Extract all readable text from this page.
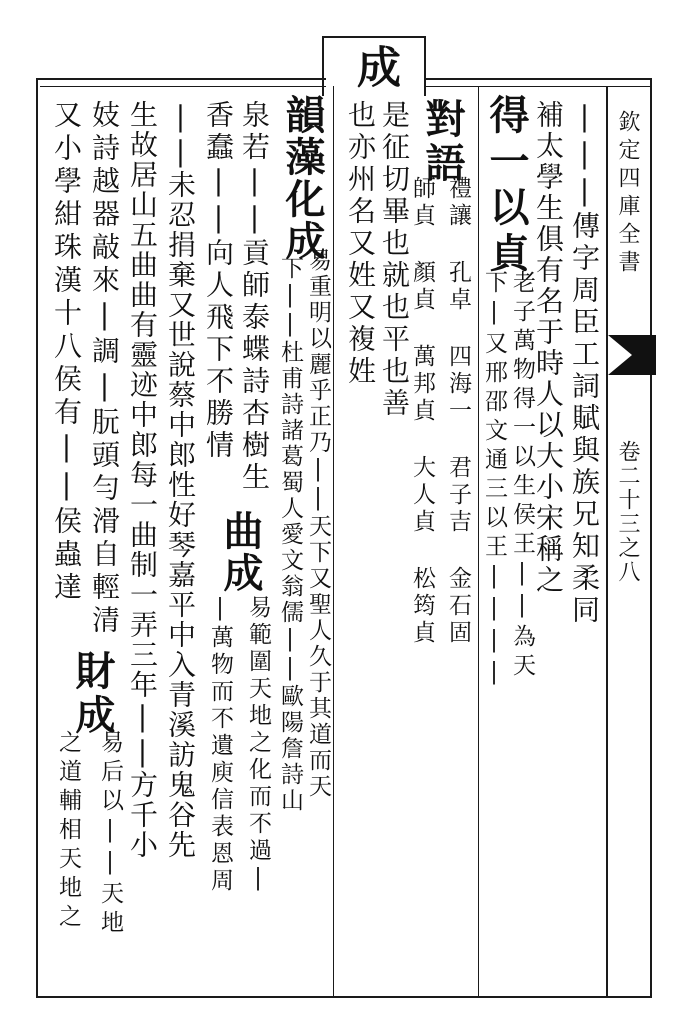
欽定四庫全書
卷二十三之八
成
|||傳字周臣工詞賦與族兄知柔同
補太學生俱有名于時人以大小宋稱之
得一以貞
老子萬物得一以生侯王||為天
下|又邢邵文通三以王||||
對語
禮讓 孔卓 四海一 君子吉 金石固
師貞 顏貞 萬邦貞 大人貞 松筠貞
是征切畢也就也平也善
也亦州名又姓又複姓
韻藻化成
易重明以麗乎正乃||天下又聖人久于其道而天
下||杜甫詩諸葛蜀人愛文翁儒||歐陽詹詩山
泉若||貢師泰蝶詩杏樹生
曲成
易範圍天地之化而不過|
香蠢||向人飛下不勝情
|萬物而不遺庾信表恩周
||未忍捐棄又世說蔡中郎性好琴嘉平中入青溪訪鬼谷先
生故居山五曲曲有靈迹中郎每一曲制一弄三年||方千小
妓詩越器敲來|調|朊頭勻滑自輕清
財成
易后以||天地
又小學紺珠漢十八侯有||侯蟲達
之道輔相天地之
